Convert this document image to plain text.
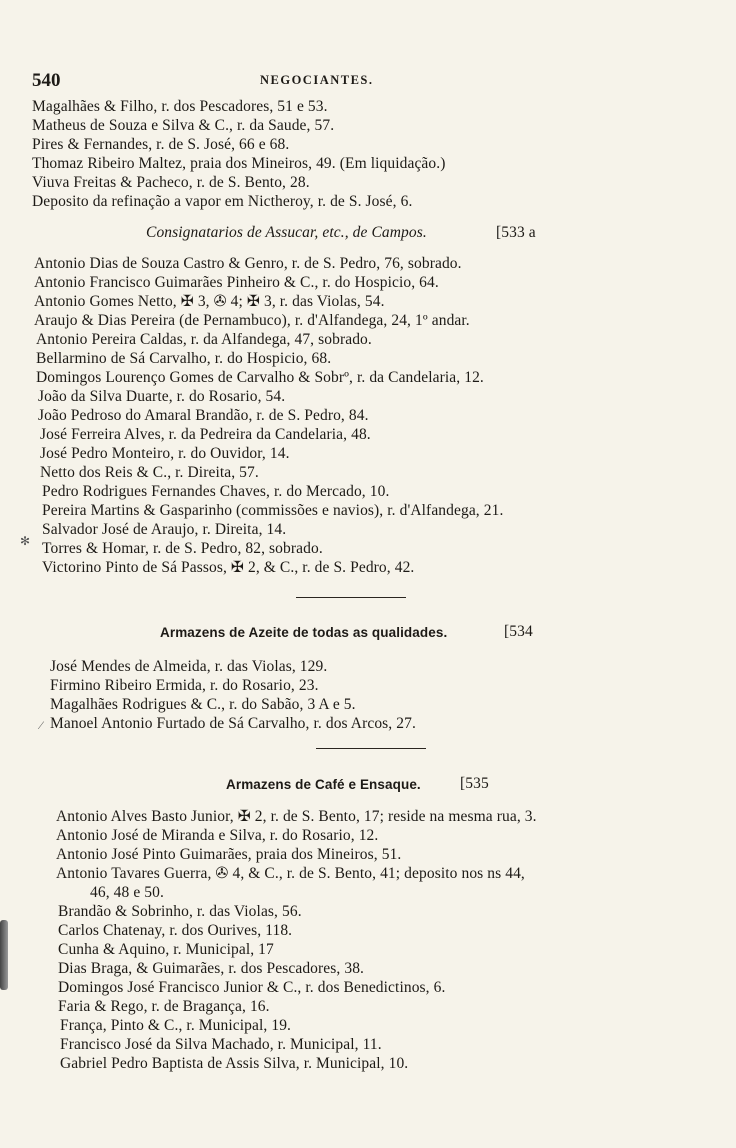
540	NEGOCIANTES.
Magalhães & Filho, r. dos Pescadores, 51 e 53.
Matheus de Souza e Silva & C., r. da Saude, 57.
Pires & Fernandes, r. de S. José, 66 e 68.
Thomaz Ribeiro Maltez, praia dos Mineiros, 49. (Em liquidação.)
Viuva Freitas & Pacheco, r. de S. Bento, 28.
Deposito da refinação a vapor em Nictheroy, r. de S. José, 6.
Consignatarios de Assucar, etc., de Campos.	[533 a
Antonio Dias de Souza Castro & Genro, r. de S. Pedro, 76, sobrado.
Antonio Francisco Guimarães Pinheiro & C., r. do Hospicio, 64.
Antonio Gomes Netto, ✠ 3, ✇ 4; ✠ 3, r. das Violas, 54.
Araujo & Dias Pereira (de Pernambuco), r. d'Alfandega, 24, 1º andar.
Antonio Pereira Caldas, r. da Alfandega, 47, sobrado.
Bellarmino de Sá Carvalho, r. do Hospicio, 68.
Domingos Lourenço Gomes de Carvalho & Sobrº, r. da Candelaria, 12.
João da Silva Duarte, r. do Rosario, 54.
João Pedroso do Amaral Brandão, r. de S. Pedro, 84.
José Ferreira Alves, r. da Pedreira da Candelaria, 48.
José Pedro Monteiro, r. do Ouvidor, 14.
Netto dos Reis & C., r. Direita, 57.
Pedro Rodrigues Fernandes Chaves, r. do Mercado, 10.
Pereira Martins & Gasparinho (commissões e navios), r. d'Alfandega, 21.
✻
Salvador José de Araujo, r. Direita, 14.
Torres & Homar, r. de S. Pedro, 82, sobrado.
Victorino Pinto de Sá Passos, ✠ 2, & C., r. de S. Pedro, 42.
Armazens de Azeite de todas as qualidades.	[534
José Mendes de Almeida, r. das Violas, 129.
Firmino Ribeiro Ermida, r. do Rosario, 23.
Magalhães Rodrigues & C., r. do Sabão, 3 A e 5.
⁄ Manoel Antonio Furtado de Sá Carvalho, r. dos Arcos, 27.
Armazens de Café e Ensaque.	[535
Antonio Alves Basto Junior, ✠ 2, r. de S. Bento, 17; reside na mesma rua, 3.
Antonio José de Miranda e Silva, r. do Rosario, 12.
Antonio José Pinto Guimarães, praia dos Mineiros, 51.
Antonio Tavares Guerra, ✇ 4, & C., r. de S. Bento, 41; deposito nos ns 44,
46, 48 e 50.
Brandão & Sobrinho, r. das Violas, 56.
Carlos Chatenay, r. dos Ourives, 118.
Cunha & Aquino, r. Municipal, 17
Dias Braga, & Guimarães, r. dos Pescadores, 38.
Domingos José Francisco Junior & C., r. dos Benedictinos, 6.
Faria & Rego, r. de Bragança, 16.
França, Pinto & C., r. Municipal, 19.
Francisco José da Silva Machado, r. Municipal, 11.
Gabriel Pedro Baptista de Assis Silva, r. Municipal, 10.
